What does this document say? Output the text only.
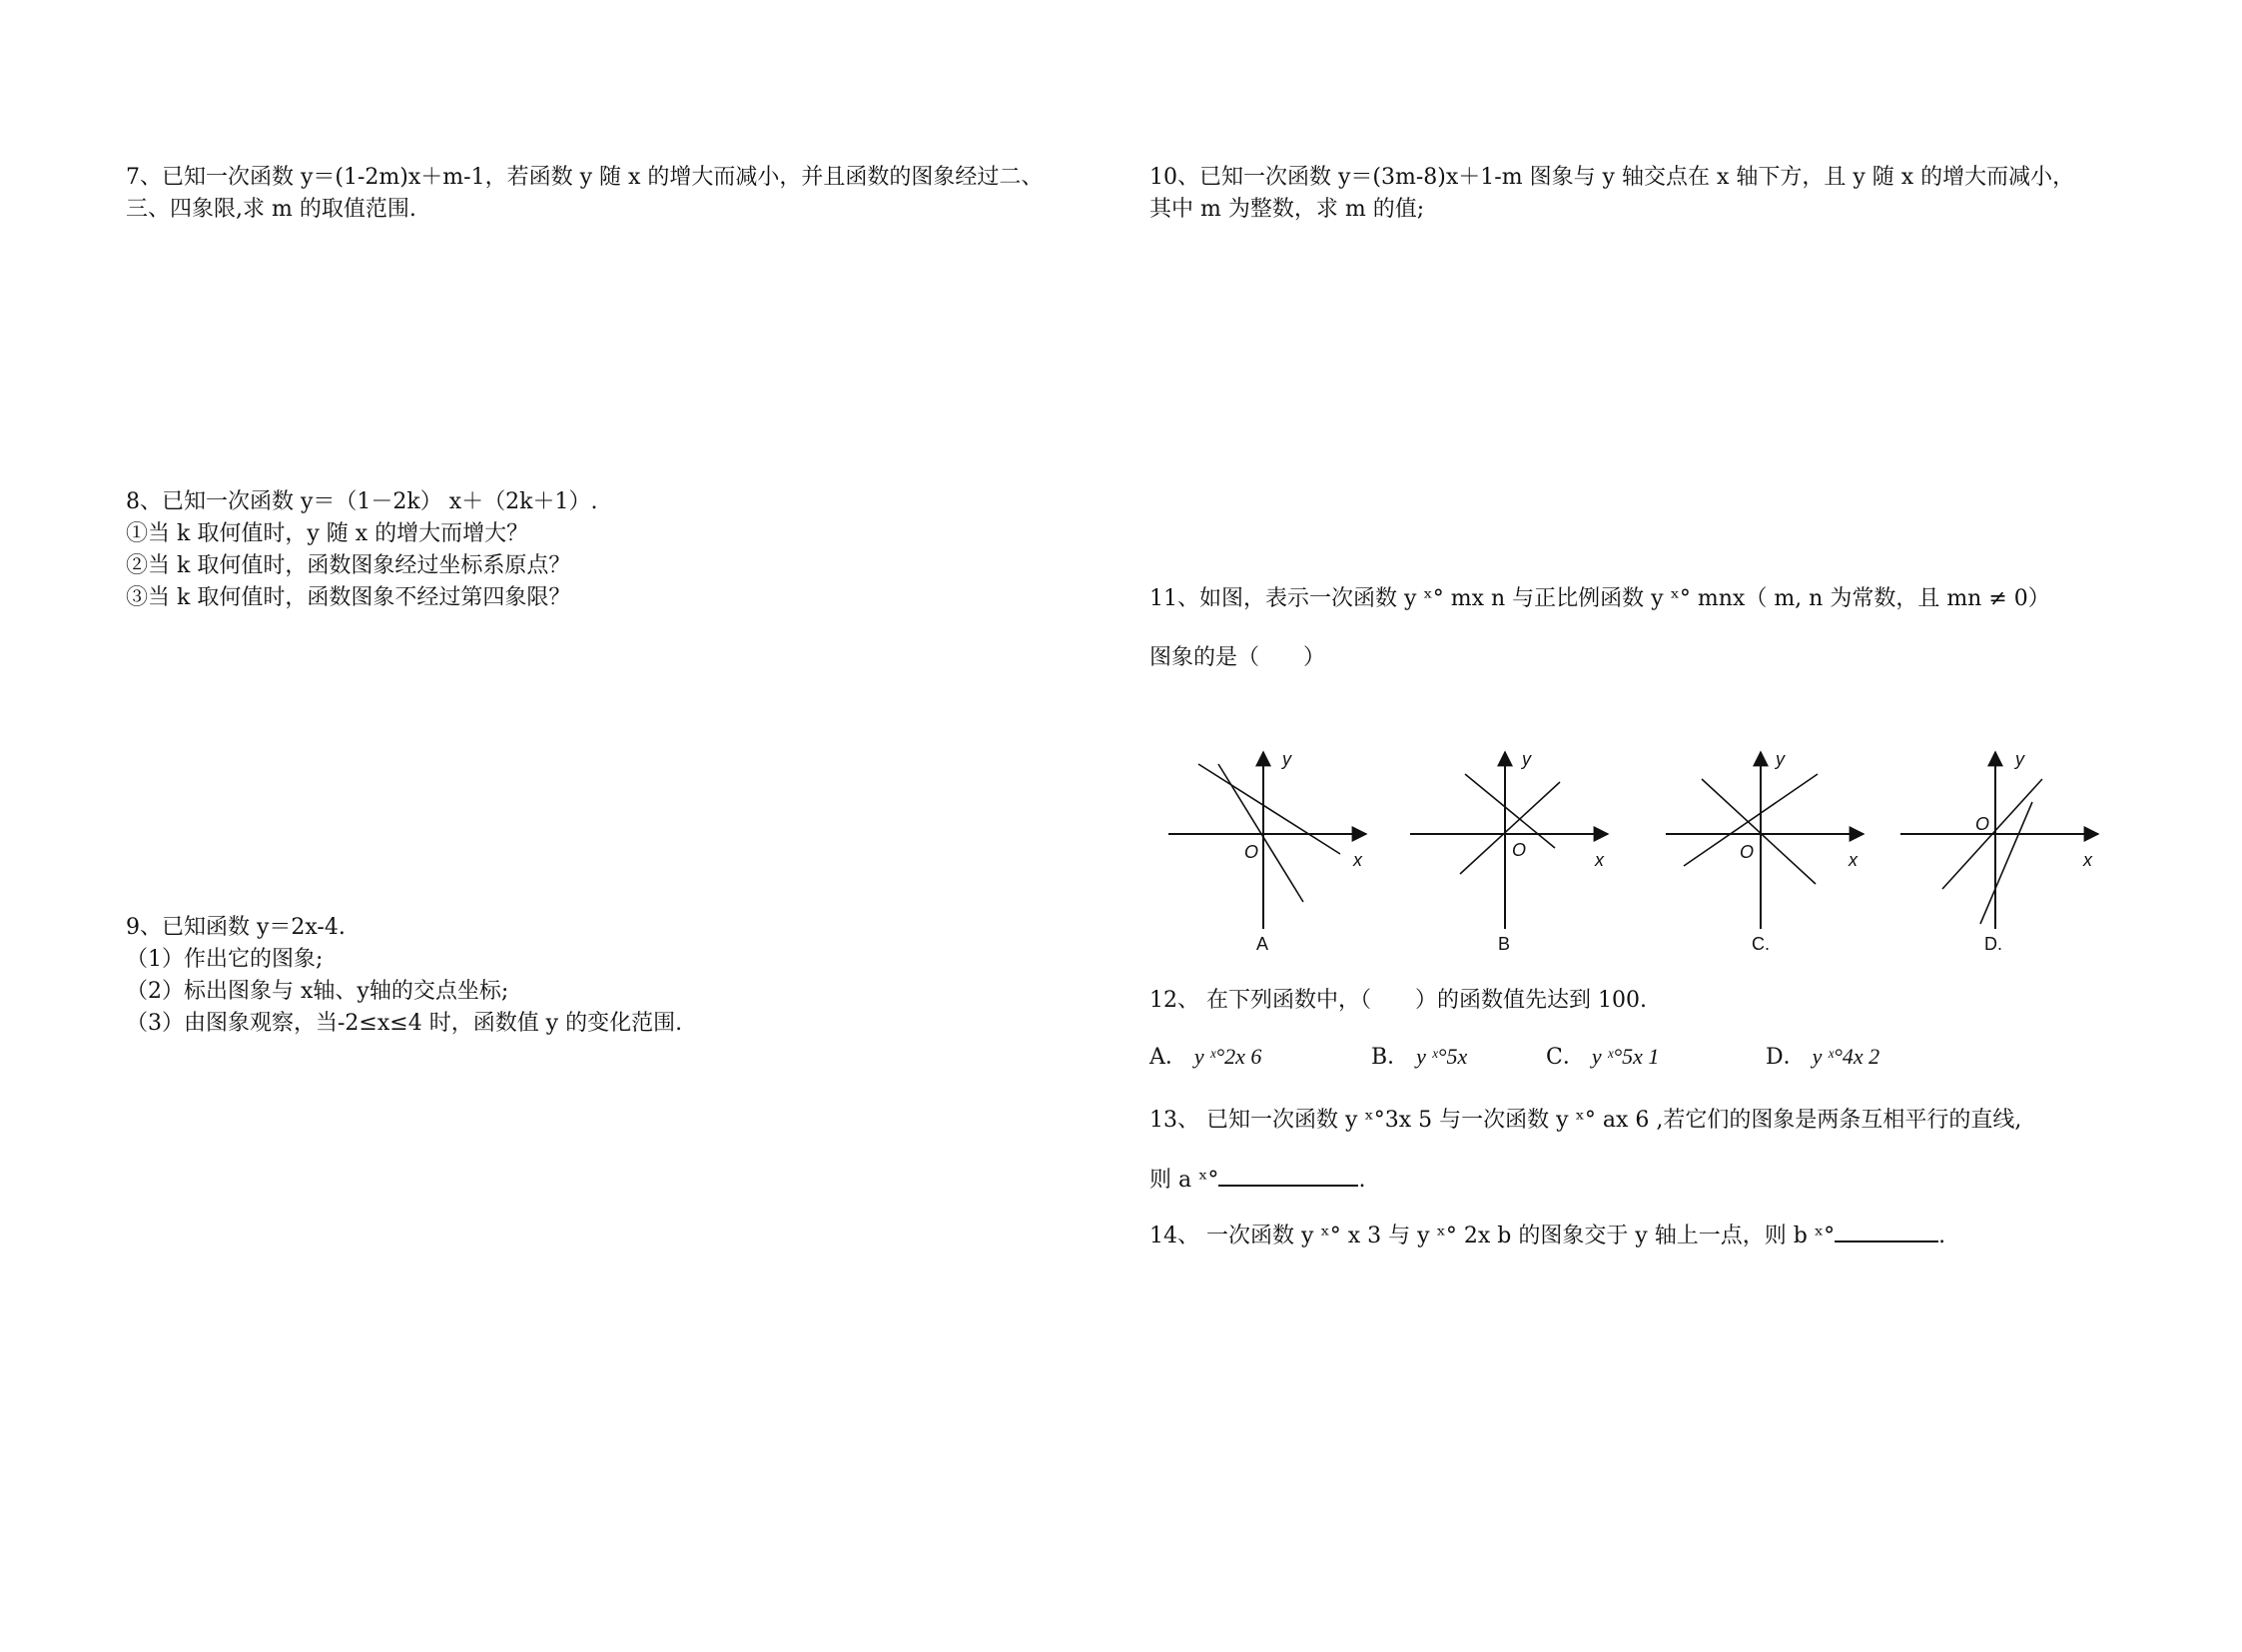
7、已知一次函数 y＝(1-2m)x＋m-1，若函数 y 随 x 的增大而减小，并且函数的图象经过二、
三、四象限,求 m 的取值范围.
8、已知一次函数 y＝（1－2k） x＋（2k＋1）.
①当 k 取何值时，y 随 x 的增大而增大？
②当 k 取何值时，函数图象经过坐标系原点？
③当 k 取何值时，函数图象不经过第四象限？
9、已知函数 y＝2x-4.
（1）作出它的图象;
（2）标出图象与 x轴、y轴的交点坐标;
（3）由图象观察，当-2≤x≤4 时，函数值 y 的变化范围.
10、已知一次函数 y＝(3m-8)x＋1-m 图象与 y 轴交点在 x 轴下方，且 y 随 x 的增大而减小，
其中 m 为整数，求 m 的值;
11、如图，表示一次函数 y ˣ° mx n 与正比例函数 y ˣ° mnx（ m, n 为常数，且 mn ≠ 0）
图象的是（　　）
y
x
O
A
y
x
O
B
y
x
O
C.
y
x
O
D.
12、 在下列函数中，（　　）的函数值先达到 100.
A． y ˣ°2x 6	B． y ˣ°5x	C． y ˣ°5x 1	D． y ˣ°4x 2
13、 已知一次函数 y ˣ°3x 5 与一次函数 y ˣ° ax 6 ,若它们的图象是两条互相平行的直线,
则 a ˣ°	.
14、 一次函数 y ˣ° x 3 与 y ˣ° 2x b 的图象交于 y 轴上一点，则 b ˣ°	.
